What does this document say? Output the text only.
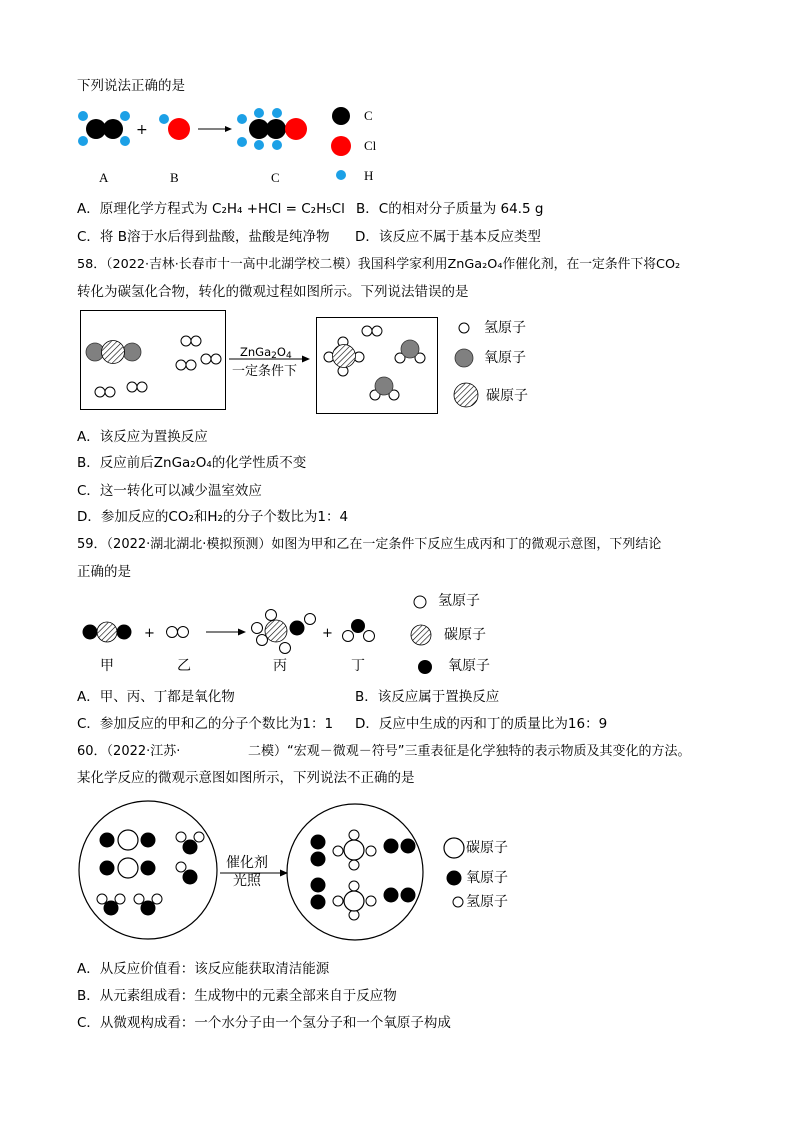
下列说法正确的是
+
C
Cl
H
A	B	C
A．原理化学方程式为 C₂H₄ +HCl = C₂H₅Cl B．C的相对分子质量为 64.5 g
C．将 B溶于水后得到盐酸，盐酸是纯净物 D．该反应不属于基本反应类型
58．（2022·吉林·长春市十一高中北湖学校二模）我国科学家利用ZnGa₂O₄作催化剂，在一定条件下将CO₂
转化为碳氢化合物，转化的微观过程如图所示。下列说法错误的是
$ZnGa_2O_4$
一定条件下
氢原子
氧原子
碳原子
A．该反应为置换反应
B．反应前后ZnGa₂O₄的化学性质不变
C．这一转化可以减少温室效应
D．参加反应的CO₂和H₂的分子个数比为1：4
59．（2022·湖北湖北·模拟预测）如图为甲和乙在一定条件下反应生成丙和丁的微观示意图，下列结论
正确的是
+	+
甲	乙	丙	丁
氢原子
碳原子
氧原子
A．甲、丙、丁都是氧化物	B．该反应属于置换反应
C．参加反应的甲和乙的分子个数比为1：1 D．反应中生成的丙和丁的质量比为16：9
60．（2022·江苏·	二模）“宏观－微观－符号”三重表征是化学独特的表示物质及其变化的方法。
某化学反应的微观示意图如图所示，下列说法不正确的是
催化剂
光照
碳原子
氧原子
氢原子
A．从反应价值看：该反应能获取清洁能源
B．从元素组成看：生成物中的元素全部来自于反应物
C．从微观构成看：一个水分子由一个氢分子和一个氧原子构成
